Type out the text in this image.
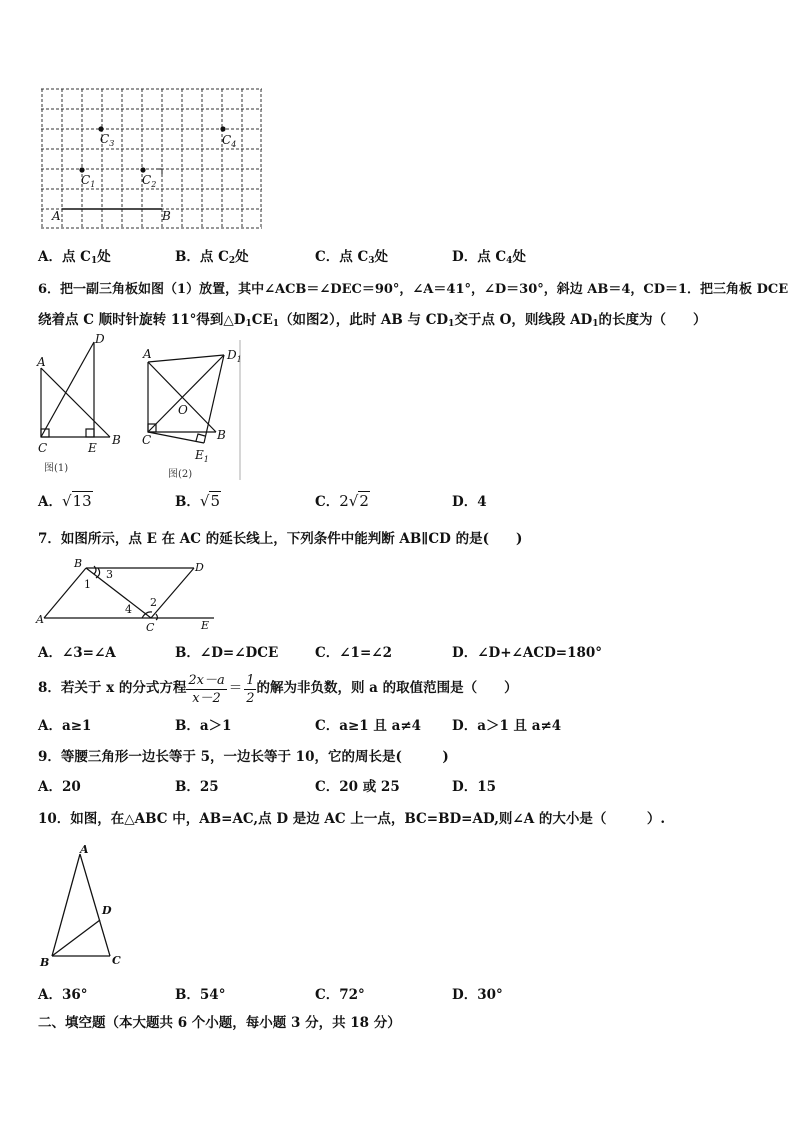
$C_3$	$C_4$
$C_1$	$C_2$
A	B
A．点 $C_1$处	B．点 $C_2$处	C．点 $C_3$处	D．点 $C_4$处
6．把一副三角板如图（1）放置，其中∠ACB＝∠DEC＝90°，∠A＝41°，∠D＝30°，斜边 AB＝4，CD＝1．把三角板 DCE
绕着点 C 顺时针旋转 11°得到$\triangle D_1CE_1$（如图2），此时 AB 与 $CD_1$交于点 O，则线段 $AD_1$的长度为（　　）
A
D
C	E
B
图(1)
A	$D_1$
O
C	B
$E_1$
图(2)
A．√13	B．√5	C．2√2	D．4
7．如图所示，点 E 在 AC 的延长线上，下列条件中能判断 AB∥CD 的是(　　)
B	D
A
C	E
1
2
3
4
A．∠3=∠A	B．∠D=∠DCE	C．∠1=∠2	D．∠D+∠ACD=180°
8．若关于 x 的分式方程 $\frac{2x-a}{x-2} = \frac{1}{2}$ 的解为非负数，则 a 的取值范围是（　　）
A．a≥1	B．a＞1	C．a≥1 且 a≠4 D．a＞1 且 a≠4
9．等腰三角形一边长等于 5，一边长等于 10，它的周长是(　　　)
A．20	B．25	C．20 或 25	D．15
10．如图，在△ABC 中，AB=AC,点 D 是边 AC 上一点，BC=BD=AD,则∠A 的大小是（　　　）.
A
D
B	C
A．36°	B．54°	C．72°	D．30°
二、填空题（本大题共 6 个小题，每小题 3 分，共 18 分）
